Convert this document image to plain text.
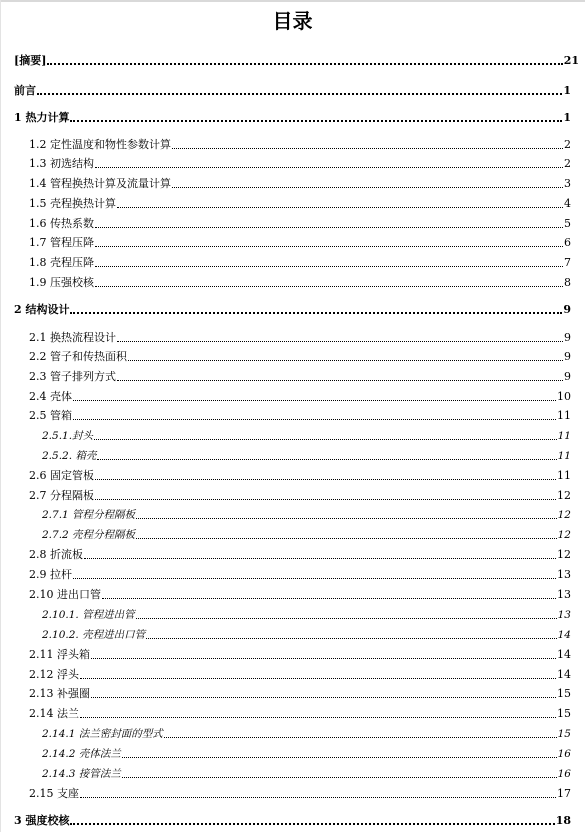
目录
[摘要]	21
前言	1
1 热力计算	1
1.2 定性温度和物性参数计算	2
1.3 初选结构	2
1.4 管程换热计算及流量计算	3
1.5 壳程换热计算	4
1.6 传热系数	5
1.7 管程压降	6
1.8 壳程压降	7
1.9 压强校核	8
2 结构设计	9
2.1 换热流程设计	9
2.2 管子和传热面积	9
2.3 管子排列方式	9
2.4 壳体	10
2.5 管箱	11
2.5.1.封头	11
2.5.2. 箱壳	11
2.6 固定管板	11
2.7 分程隔板	12
2.7.1 管程分程隔板	12
2.7.2 壳程分程隔板	12
2.8 折流板	12
2.9 拉杆	13
2.10 进出口管	13
2.10.1. 管程进出管	13
2.10.2. 壳程进出口管	14
2.11 浮头箱	14
2.12 浮头	14
2.13 补强圈	15
2.14 法兰	15
2.14.1 法兰密封面的型式	15
2.14.2 壳体法兰	16
2.14.3 接管法兰	16
2.15 支座	17
3 强度校核	18
